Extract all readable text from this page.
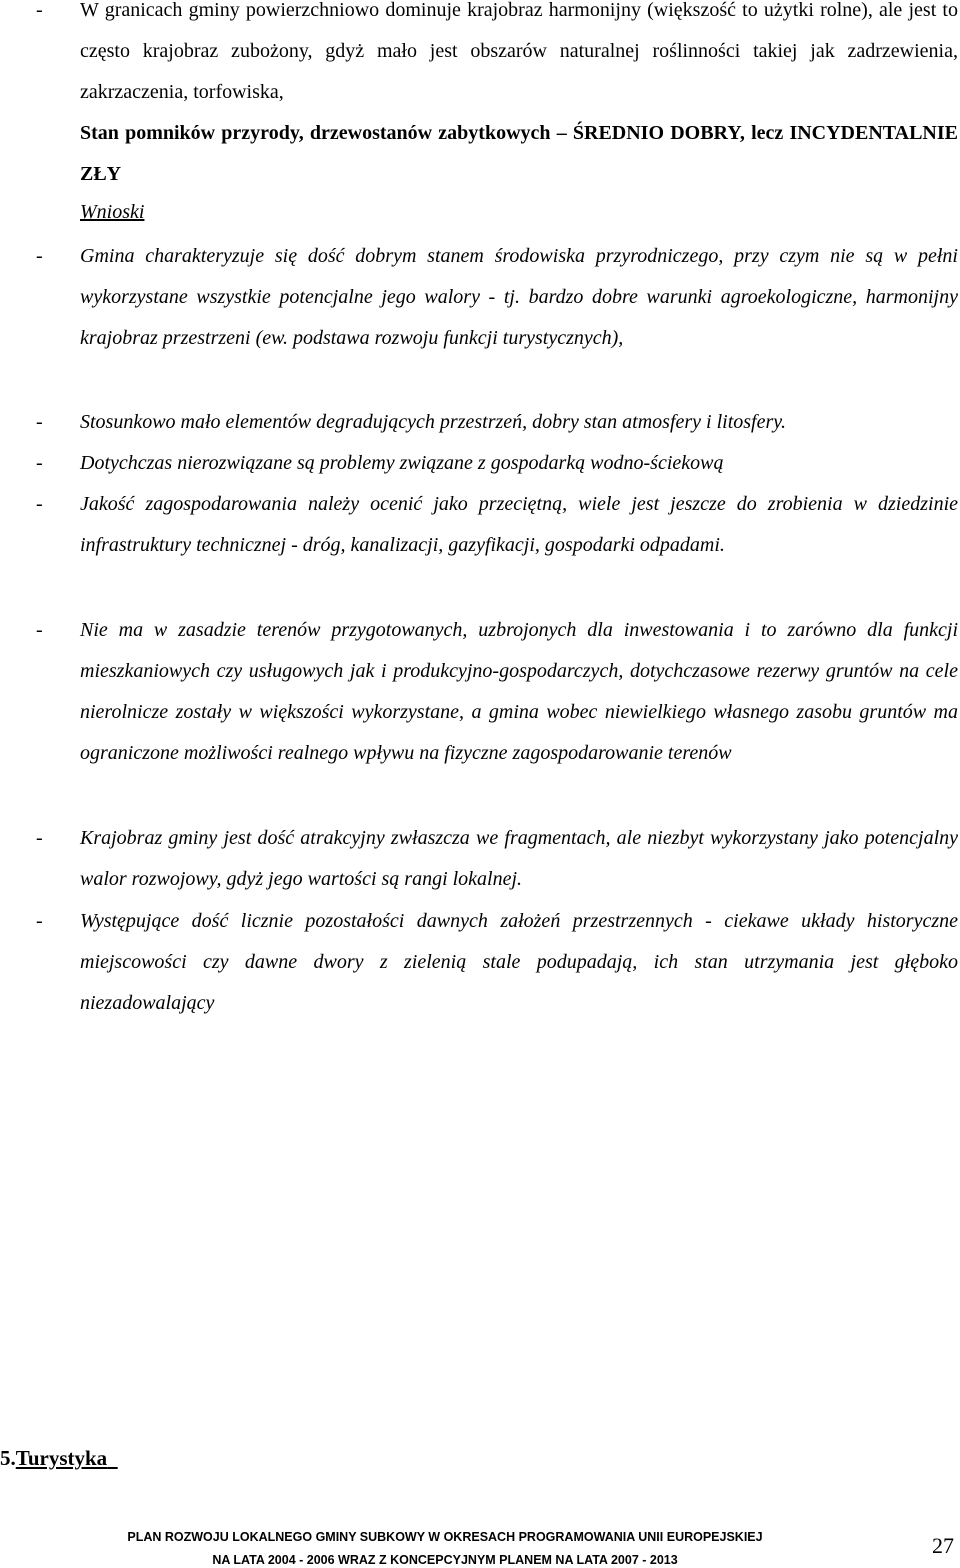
- W granicach gminy powierzchniowo dominuje krajobraz harmonijny (większość to użytki rolne), ale jest to często krajobraz zubożony, gdyż mało jest obszarów naturalnej roślinności takiej jak zadrzewienia, zakrzaczenia, torfowiska,
Stan pomników przyrody, drzewostanów zabytkowych – ŚREDNIO DOBRY, lecz INCYDENTALNIE ZŁY
Wnioski
- Gmina charakteryzuje się dość dobrym stanem środowiska przyrodniczego, przy czym nie są w pełni wykorzystane wszystkie potencjalne jego walory - tj. bardzo dobre warunki agroekologiczne, harmonijny krajobraz przestrzeni (ew. podstawa rozwoju funkcji turystycznych),
- Stosunkowo mało elementów degradujących przestrzeń, dobry stan atmosfery i litosfery.
- Dotychczas nierozwiązane są problemy związane z gospodarką wodno-ściekową
- Jakość zagospodarowania należy ocenić jako przeciętną, wiele jest jeszcze do zrobienia w dziedzinie infrastruktury technicznej - dróg, kanalizacji, gazyfikacji, gospodarki odpadami.
- Nie ma w zasadzie terenów przygotowanych, uzbrojonych dla inwestowania i to zarówno dla funkcji mieszkaniowych czy usługowych jak i produkcyjno-gospodarczych, dotychczasowe rezerwy gruntów na cele nierolnicze zostały w większości wykorzystane, a gmina wobec niewielkiego własnego zasobu gruntów ma ograniczone możliwości realnego wpływu na fizyczne zagospodarowanie terenów
- Krajobraz gminy jest dość atrakcyjny zwłaszcza we fragmentach, ale niezbyt wykorzystany jako potencjalny walor rozwojowy, gdyż jego wartości są rangi lokalnej.
- Występujące dość licznie pozostałości dawnych założeń przestrzennych - ciekawe układy historyczne miejscowości czy dawne dwory z zielenią stale podupadają, ich stan utrzymania jest głęboko niezadowalający
5.Turystyka
PLAN ROZWOJU LOKALNEGO GMINY SUBKOWY W OKRESACH PROGRAMOWANIA UNII EUROPEJSKIEJ
NA LATA 2004 - 2006 WRAZ Z KONCEPCYJNYM PLANEM NA LATA 2007 - 2013
27
